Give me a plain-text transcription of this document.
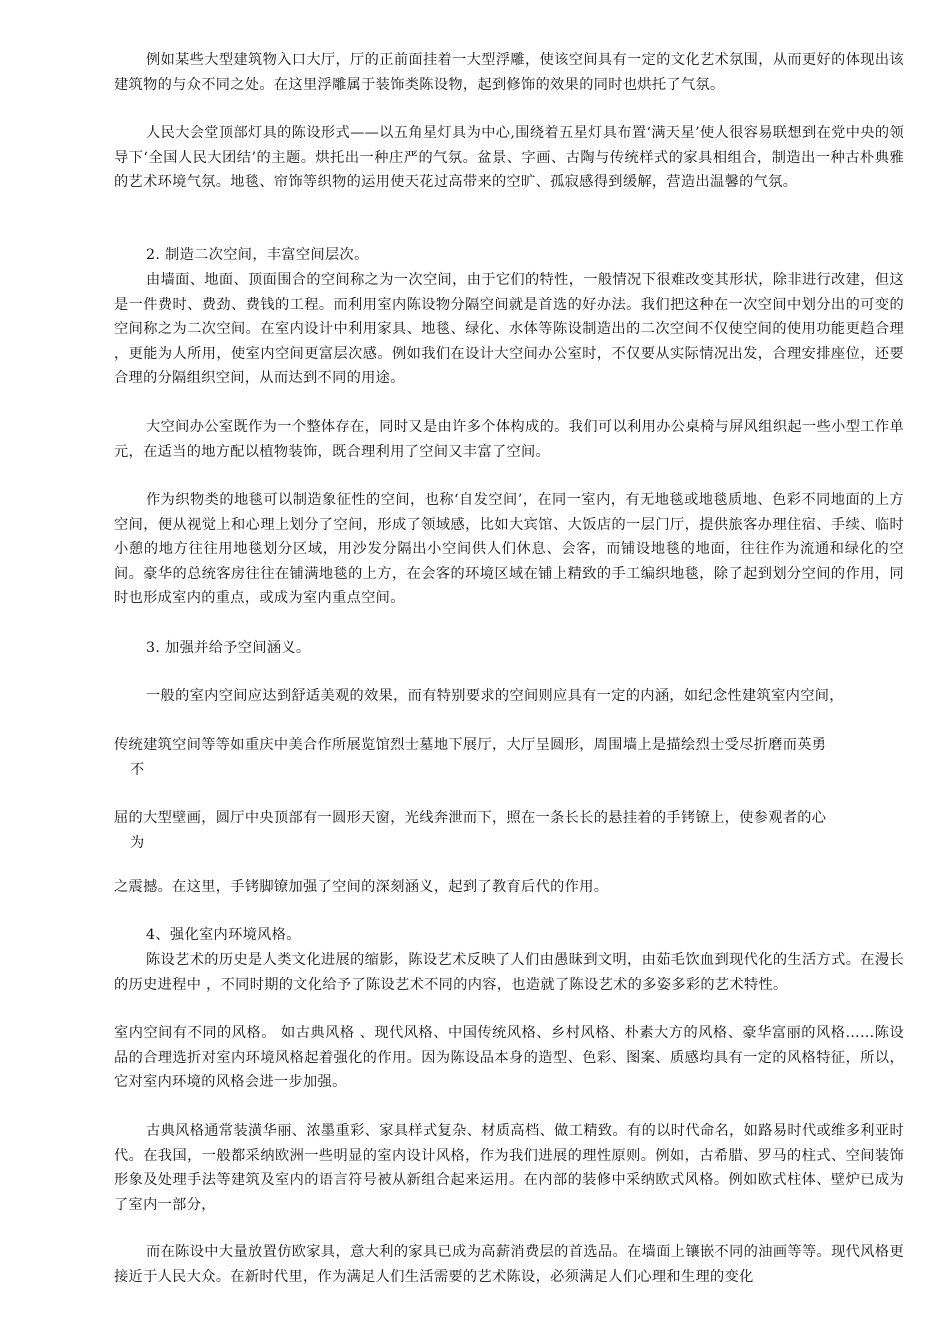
例如某些大型建筑物入口大厅，厅的正前面挂着一大型浮雕，使该空间具有一定的文化艺术氛围，从而更好的体现出该建筑物的与众不同之处。在这里浮雕属于装饰类陈设物，起到修饰的效果的同时也烘托了气氛。

人民大会堂顶部灯具的陈设形式——以五角星灯具为中心,围绕着五星灯具布置‘满天星’使人很容易联想到在党中央的领导下‘全国人民大团结’的主题。烘托出一种庄严的气氛。盆景、字画、古陶与传统样式的家具相组合，制造出一种古朴典雅的艺术环境气氛。地毯、帘饰等织物的运用使天花过高带来的空旷、孤寂感得到缓解，营造出温馨的气氛。

2. 制造二次空间，丰富空间层次。

由墙面、地面、顶面围合的空间称之为一次空间，由于它们的特性，一般情况下很难改变其形状，除非进行改建，但这是一件费时、费劲、费钱的工程。而利用室内陈设物分隔空间就是首选的好办法。我们把这种在一次空间中划分出的可变的空间称之为二次空间。在室内设计中利用家具、地毯、绿化、水体等陈设制造出的二次空间不仅使空间的使用功能更趋合理 ，更能为人所用，使室内空间更富层次感。例如我们在设计大空间办公室时，不仅要从实际情况出发，合理安排座位，还要合理的分隔组织空间，从而达到不同的用途。

大空间办公室既作为一个整体存在，同时又是由许多个体构成的。我们可以利用办公桌椅与屏风组织起一些小型工作单元，在适当的地方配以植物装饰，既合理利用了空间又丰富了空间。

作为织物类的地毯可以制造象征性的空间，也称‘自发空间’，在同一室内，有无地毯或地毯质地、色彩不同地面的上方空间，便从视觉上和心理上划分了空间，形成了领域感，比如大宾馆、大饭店的一层门厅，提供旅客办理住宿、手续、临时小憩的地方往往用地毯划分区域，用沙发分隔出小空间供人们休息、会客，而铺设地毯的地面，往往作为流通和绿化的空间。豪华的总统客房往往在铺满地毯的上方，在会客的环境区域在铺上精致的手工编织地毯，除了起到划分空间的作用，同时也形成室内的重点，或成为室内重点空间。

3. 加强并给予空间涵义。

一般的室内空间应达到舒适美观的效果，而有特别要求的空间则应具有一定的内涵，如纪念性建筑室内空间，

传统建筑空间等等如重庆中美合作所展览馆烈士墓地下展厅，大厅呈圆形，周围墙上是描绘烈士受尽折磨而英勇

不

屈的大型壁画，圆厅中央顶部有一圆形天窗，光线奔泄而下，照在一条长长的悬挂着的手铐镣上，使参观者的心

为

之震撼。在这里，手铐脚镣加强了空间的深刻涵义，起到了教育后代的作用。

4、强化室内环境风格。

陈设艺术的历史是人类文化进展的缩影，陈设艺术反映了人们由愚昧到文明，由茹毛饮血到现代化的生活方式。在漫长的历史进程中 ，不同时期的文化给予了陈设艺术不同的内容，也造就了陈设艺术的多姿多彩的艺术特性。

室内空间有不同的风格。 如古典风格 、现代风格、中国传统风格、乡村风格、朴素大方的风格、豪华富丽的风格……陈设品的合理选折对室内环境风格起着强化的作用。因为陈设品本身的造型、色彩、图案、质感均具有一定的风格特征，所以，它对室内环境的风格会进一步加强。

古典风格通常装潢华丽、浓墨重彩、家具样式复杂、材质高档、做工精致。有的以时代命名，如路易时代或维多利亚时代。在我国，一般都采纳欧洲一些明显的室内设计风格，作为我们进展的理性原则。例如，古希腊、罗马的柱式、空间装饰形象及处理手法等建筑及室内的语言符号被从新组合起来运用。在内部的装修中采纳欧式风格。例如欧式柱体、壁炉已成为了室内一部分，

而在陈设中大量放置仿欧家具，意大利的家具已成为高薪消费层的首选品。在墙面上镶嵌不同的油画等等。现代风格更接近于人民大众。在新时代里，作为满足人们生活需要的艺术陈设，必须满足人们心理和生理的变化
